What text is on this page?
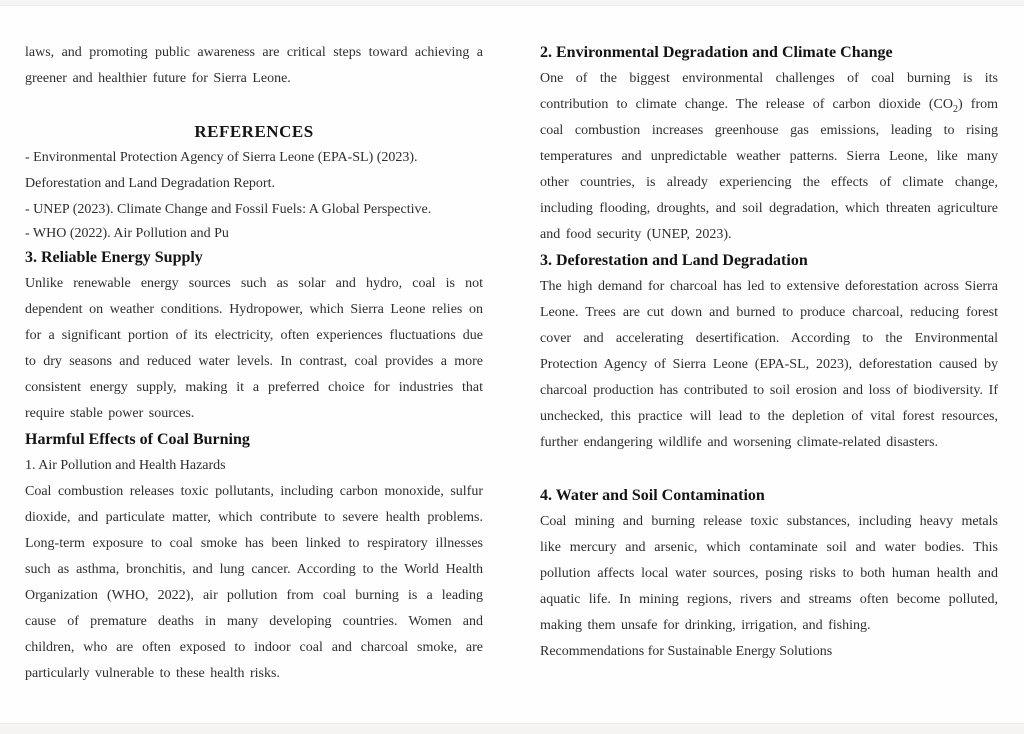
laws, and promoting public awareness are critical steps toward achieving a greener and healthier future for Sierra Leone.

REFERENCES

- Environmental Protection Agency of Sierra Leone (EPA-SL) (2023). Deforestation and Land Degradation Report.

- UNEP (2023). Climate Change and Fossil Fuels: A Global Perspective.

- WHO (2022). Air Pollution and Pu

3. Reliable Energy Supply

Unlike renewable energy sources such as solar and hydro, coal is not dependent on weather conditions. Hydropower, which Sierra Leone relies on for a significant portion of its electricity, often experiences fluctuations due to dry seasons and reduced water levels. In contrast, coal provides a more consistent energy supply, making it a preferred choice for industries that require stable power sources.

Harmful Effects of Coal Burning

1. Air Pollution and Health Hazards

Coal combustion releases toxic pollutants, including carbon monoxide, sulfur dioxide, and particulate matter, which contribute to severe health problems. Long-term exposure to coal smoke has been linked to respiratory illnesses such as asthma, bronchitis, and lung cancer. According to the World Health Organization (WHO, 2022), air pollution from coal burning is a leading cause of premature deaths in many developing countries. Women and children, who are often exposed to indoor coal and charcoal smoke, are particularly vulnerable to these health risks.

2. Environmental Degradation and Climate Change

One of the biggest environmental challenges of coal burning is its contribution to climate change. The release of carbon dioxide $(CO_2)$ from coal combustion increases greenhouse gas emissions, leading to rising temperatures and unpredictable weather patterns. Sierra Leone, like many other countries, is already experiencing the effects of climate change, including flooding, droughts, and soil degradation, which threaten agriculture and food security (UNEP, 2023).

3. Deforestation and Land Degradation

The high demand for charcoal has led to extensive deforestation across Sierra Leone. Trees are cut down and burned to produce charcoal, reducing forest cover and accelerating desertification. According to the Environmental Protection Agency of Sierra Leone (EPA-SL, 2023), deforestation caused by charcoal production has contributed to soil erosion and loss of biodiversity. If unchecked, this practice will lead to the depletion of vital forest resources, further endangering wildlife and worsening climate-related disasters.

4. Water and Soil Contamination

Coal mining and burning release toxic substances, including heavy metals like mercury and arsenic, which contaminate soil and water bodies. This pollution affects local water sources, posing risks to both human health and aquatic life. In mining regions, rivers and streams often become polluted, making them unsafe for drinking, irrigation, and fishing.

Recommendations for Sustainable Energy Solutions
